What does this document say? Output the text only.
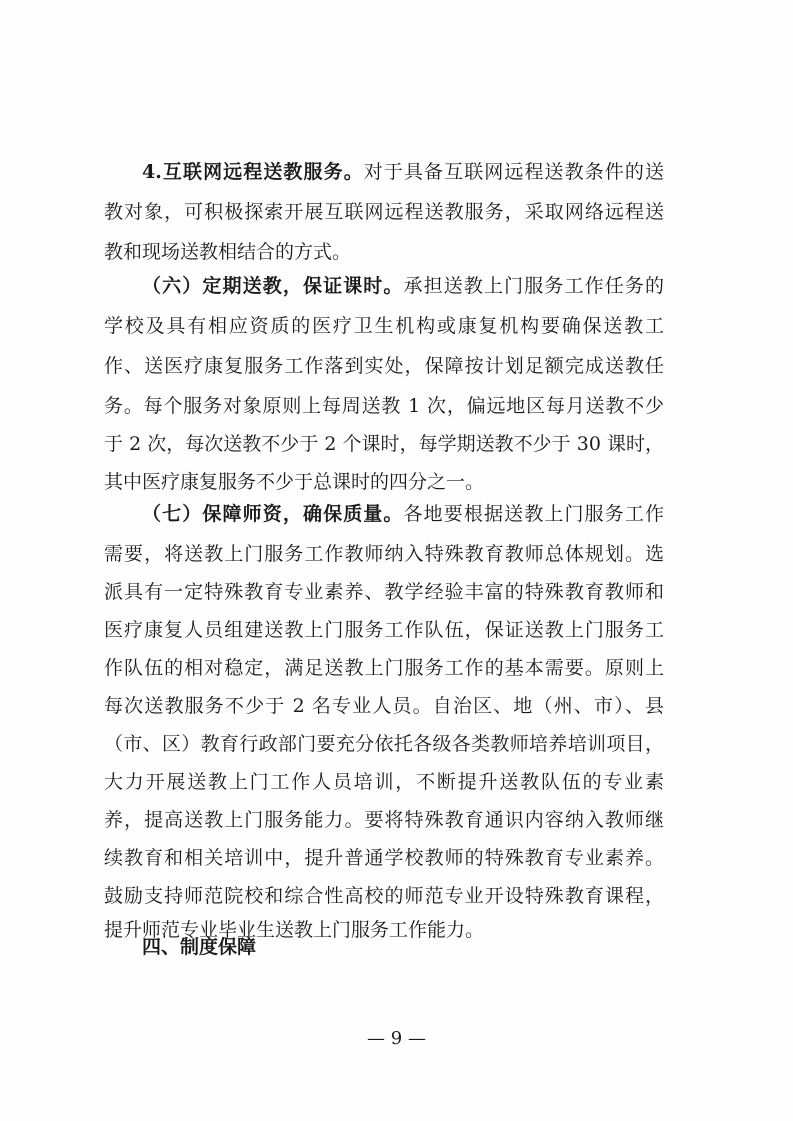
4.互联网远程送教服务。对于具备互联网远程送教条件的送
教对象，可积极探索开展互联网远程送教服务，采取网络远程送
教和现场送教相结合的方式。
（六）定期送教，保证课时。承担送教上门服务工作任务的
学校及具有相应资质的医疗卫生机构或康复机构要确保送教工
作、送医疗康复服务工作落到实处，保障按计划足额完成送教任
务。每个服务对象原则上每周送教 1 次，偏远地区每月送教不少
于 2 次，每次送教不少于 2 个课时，每学期送教不少于 30 课时，
其中医疗康复服务不少于总课时的四分之一。
（七）保障师资，确保质量。各地要根据送教上门服务工作
需要，将送教上门服务工作教师纳入特殊教育教师总体规划。选
派具有一定特殊教育专业素养、教学经验丰富的特殊教育教师和
医疗康复人员组建送教上门服务工作队伍，保证送教上门服务工
作队伍的相对稳定，满足送教上门服务工作的基本需要。原则上
每次送教服务不少于 2 名专业人员。自治区、地（州、市）、县
（市、区）教育行政部门要充分依托各级各类教师培养培训项目，
大力开展送教上门工作人员培训，不断提升送教队伍的专业素
养，提高送教上门服务能力。要将特殊教育通识内容纳入教师继
续教育和相关培训中，提升普通学校教师的特殊教育专业素养。
鼓励支持师范院校和综合性高校的师范专业开设特殊教育课程，
提升师范专业毕业生送教上门服务工作能力。
四、制度保障
— 9 —
